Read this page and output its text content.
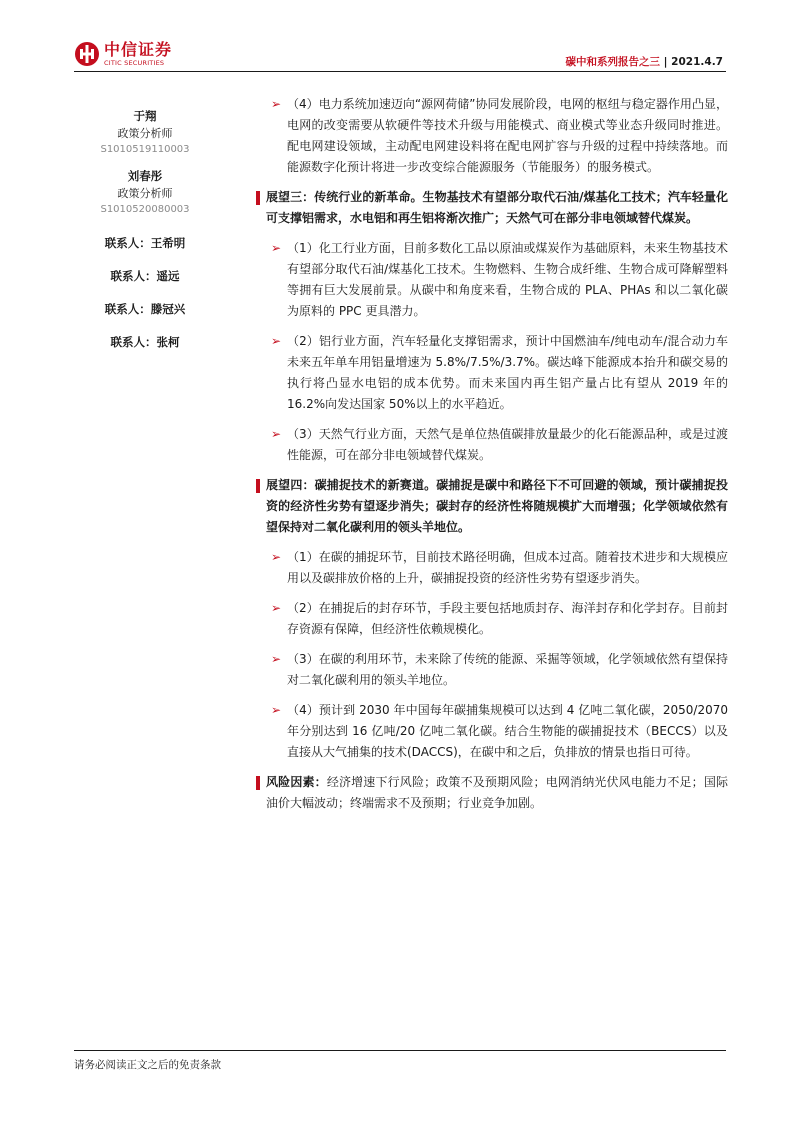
中信证券
CITIC SECURITIES	碳中和系列报告之三 | 2021.4.7
于翔
政策分析师
S1010519110003
刘春彤
政策分析师
S1010520080003
联系人：王希明
联系人：遥远
联系人：滕冠兴
联系人：张柯
➢ （4）电力系统加速迈向“源网荷储”协同发展阶段，电网的枢纽与稳定器作用凸显，电网的改变需要从软硬件等技术升级与用能模式、商业模式等业态升级同时推进。配电网建设领域，主动配电网建设料将在配电网扩容与升级的过程中持续落地。而能源数字化预计将进一步改变综合能源服务（节能服务）的服务模式。
展望三：传统行业的新革命。生物基技术有望部分取代石油/煤基化工技术；汽车轻量化可支撑铝需求，水电铝和再生铝将渐次推广；天然气可在部分非电领域替代煤炭。
➢ （1）化工行业方面，目前多数化工品以原油或煤炭作为基础原料，未来生物基技术有望部分取代石油/煤基化工技术。生物燃料、生物合成纤维、生物合成可降解塑料等拥有巨大发展前景。从碳中和角度来看，生物合成的 PLA、PHAs 和以二氧化碳为原料的 PPC 更具潜力。
➢ （2）铝行业方面，汽车轻量化支撑铝需求，预计中国燃油车/纯电动车/混合动力车未来五年单车用铝量增速为 5.8%/7.5%/3.7%。碳达峰下能源成本抬升和碳交易的执行将凸显水电铝的成本优势。而未来国内再生铝产量占比有望从 2019 年的 16.2%向发达国家 50%以上的水平趋近。
➢ （3）天然气行业方面，天然气是单位热值碳排放量最少的化石能源品种，或是过渡性能源，可在部分非电领域替代煤炭。
展望四：碳捕捉技术的新赛道。碳捕捉是碳中和路径下不可回避的领域，预计碳捕捉投资的经济性劣势有望逐步消失；碳封存的经济性将随规模扩大而增强；化学领域依然有望保持对二氧化碳利用的领头羊地位。
➢ （1）在碳的捕捉环节，目前技术路径明确，但成本过高。随着技术进步和大规模应用以及碳排放价格的上升，碳捕捉投资的经济性劣势有望逐步消失。
➢ （2）在捕捉后的封存环节，手段主要包括地质封存、海洋封存和化学封存。目前封存资源有保障，但经济性依赖规模化。
➢ （3）在碳的利用环节，未来除了传统的能源、采掘等领域，化学领域依然有望保持对二氧化碳利用的领头羊地位。
➢ （4）预计到 2030 年中国每年碳捕集规模可以达到 4 亿吨二氧化碳，2050/2070 年分别达到 16 亿吨/20 亿吨二氧化碳。结合生物能的碳捕捉技术（BECCS）以及直接从大气捕集的技术(DACCS)，在碳中和之后，负排放的情景也指日可待。
风险因素：经济增速下行风险；政策不及预期风险；电网消纳光伏风电能力不足；国际油价大幅波动；终端需求不及预期；行业竞争加剧。
请务必阅读正文之后的免责条款
